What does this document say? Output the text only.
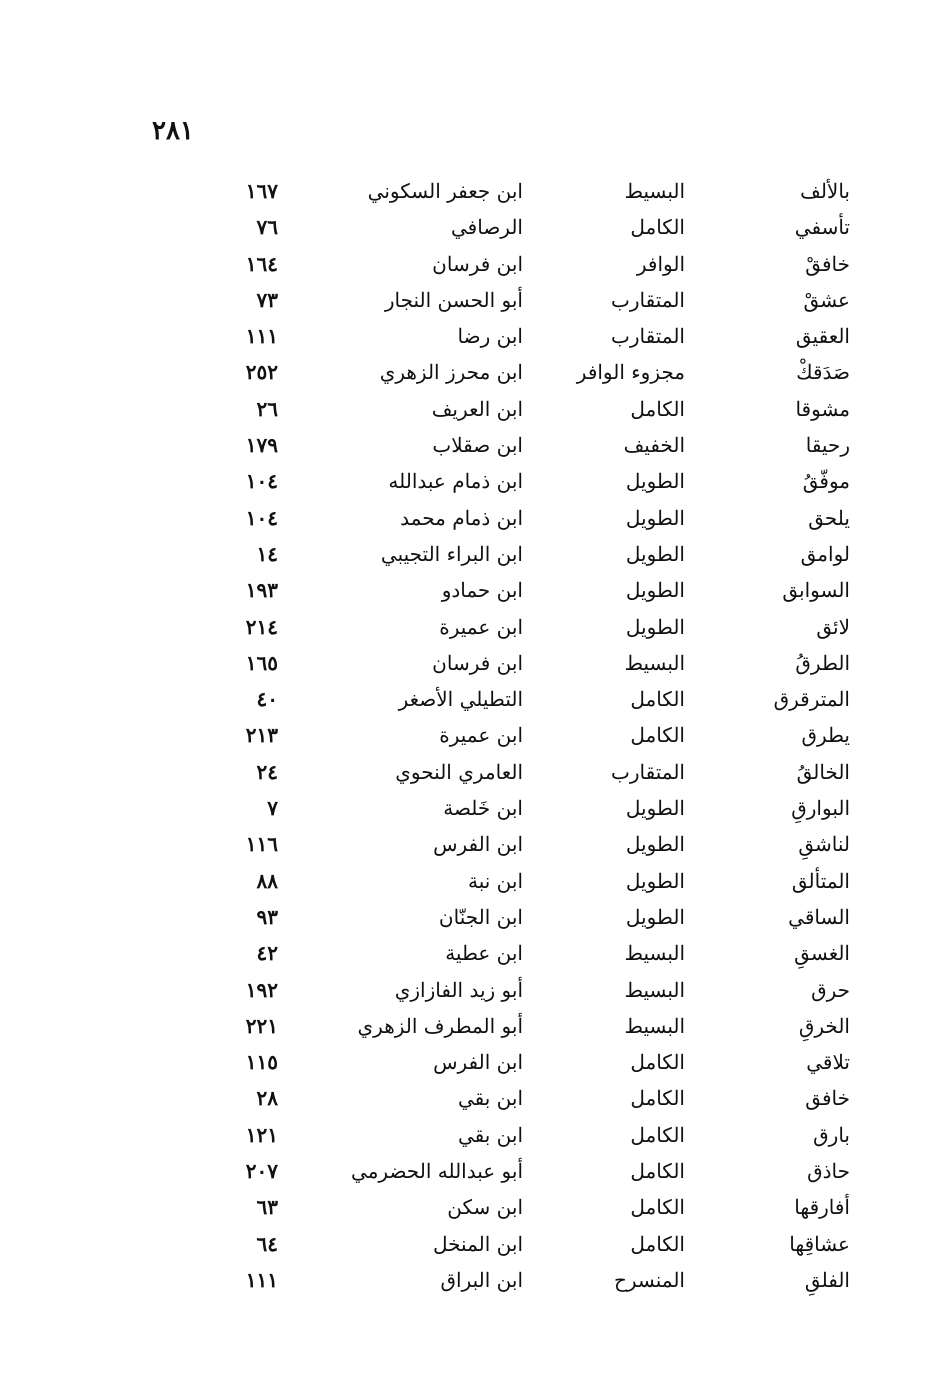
٢٨١
بالألف
البسيط
ابن جعفر السكوني
١٦٧
تأسفي
الكامل
الرصافي
٧٦
خافقْ
الوافر
ابن فرسان
١٦٤
عشقْ
المتقارب
أبو الحسن النجار
٧٣
العقيق
المتقارب
ابن رضا
١١١
صَدَقكْ
مجزوء الوافر
ابن محرز الزهري
٢٥٢
مشوقا
الكامل
ابن العريف
٢٦
رحيقا
الخفيف
ابن صقلاب
١٧٩
موفّقُ
الطويل
ابن ذمام عبدالله
١٠٤
يلحق
الطويل
ابن ذمام محمد
١٠٤
لوامق
الطويل
ابن البراء التجيبي
١٤
السوابق
الطويل
ابن حمادو
١٩٣
لائق
الطويل
ابن عميرة
٢١٤
الطرقُ
البسيط
ابن فرسان
١٦٥
المترقرق
الكامل
التطيلي الأصغر
٤٠
يطرق
الكامل
ابن عميرة
٢١٣
الخالقُ
المتقارب
العامري النحوي
٢٤
البوارقِ
الطويل
ابن خَلصة
٧
لناشقِ
الطويل
ابن الفرس
١١٦
المتألق
الطويل
ابن نبة
٨٨
الساقي
الطويل
ابن الجنّان
٩٣
الغسقِ
البسيط
ابن عطية
٤٢
حرق
البسيط
أبو زيد الفازازي
١٩٢
الخرقِ
البسيط
أبو المطرف الزهري
٢٢١
تلاقي
الكامل
ابن الفرس
١١٥
خافق
الكامل
ابن بقي
٢٨
بارق
الكامل
ابن بقي
١٢١
حاذق
الكامل
أبو عبدالله الحضرمي
٢٠٧
أفارقها
الكامل
ابن سكن
٦٣
عشاقِها
الكامل
ابن المنخل
٦٤
الفلقِ
المنسرح
ابن البراق
١١١
